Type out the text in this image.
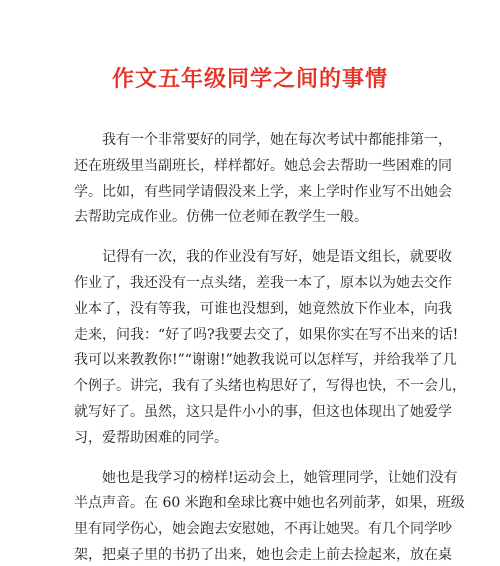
作文五年级同学之间的事情

我有一个非常要好的同学，她在每次考试中都能排第一，
还在班级里当副班长，样样都好。她总会去帮助一些困难的同
学。比如，有些同学请假没来上学，来上学时作业写不出她会
去帮助完成作业。仿佛一位老师在教学生一般。

记得有一次，我的作业没有写好，她是语文组长，就要收
作业了，我还没有一点头绪，差我一本了，原本以为她去交作
业本了，没有等我，可谁也没想到，她竟然放下作业本，向我
走来，问我：“好了吗?我要去交了，如果你实在写不出来的话!
我可以来教教你!”“谢谢!”她教我说可以怎样写，并给我举了几
个例子。讲完，我有了头绪也构思好了，写得也快，不一会儿，
就写好了。虽然，这只是件小小的事，但这也体现出了她爱学
习，爱帮助困难的同学。

她也是我学习的榜样!运动会上，她管理同学，让她们没有
半点声音。在 60 米跑和垒球比赛中她也名列前茅，如果，班级
里有同学伤心，她会跑去安慰她，不再让她哭。有几个同学吵
架，把桌子里的书扔了出来，她也会走上前去捡起来，放在桌
